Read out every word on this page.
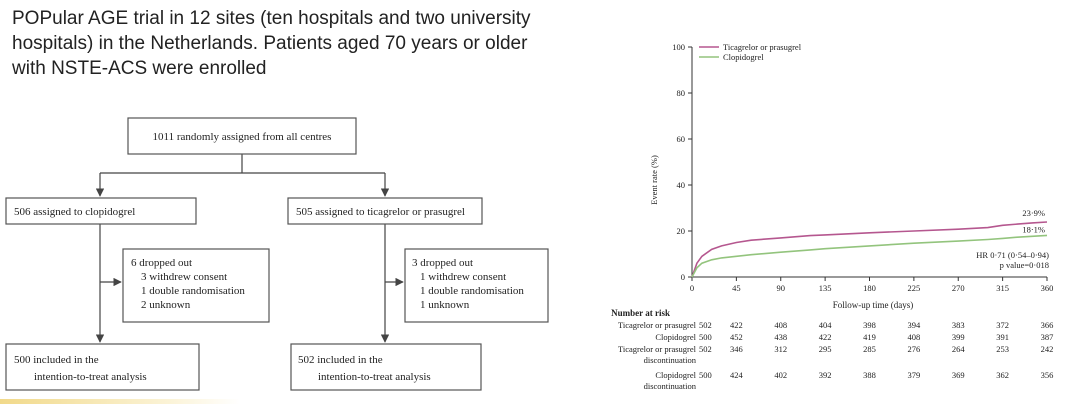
POPular AGE trial in 12 sites (ten hospitals and two university
hospitals) in the Netherlands. Patients aged 70 years or older
with NSTE-ACS were enrolled
1011 randomly assigned from all centres
506 assigned to clopidogrel	505 assigned to ticagrelor or prasugrel
6 dropped out
3 withdrew consent
1 double randomisation
2 unknown
3 dropped out
1 withdrew consent
1 double randomisation
1 unknown
500 included in the
intention-to-treat analysis
502 included in the
intention-to-treat analysis
Event rate (%)
0
20
40
60
80
100
0	45	90	135	180	225	270	315	360
23·9%
18·1%
Ticagrelor or prasugrel
Clopidogrel
HR 0·71 (0·54–0·94)
p value=0·018
Follow-up time (days)
Number at risk
Ticagrelor or prasugrel 502 422	408	404	398	394	383	372	366
Clopidogrel 500 452	438	422	419	408	399	391	387
Ticagrelor or prasugrel
discontinuation
502 346	312	295	285	276	264	253	242
Clopidogrel
discontinuation
500 424	402	392	388	379	369	362	356
